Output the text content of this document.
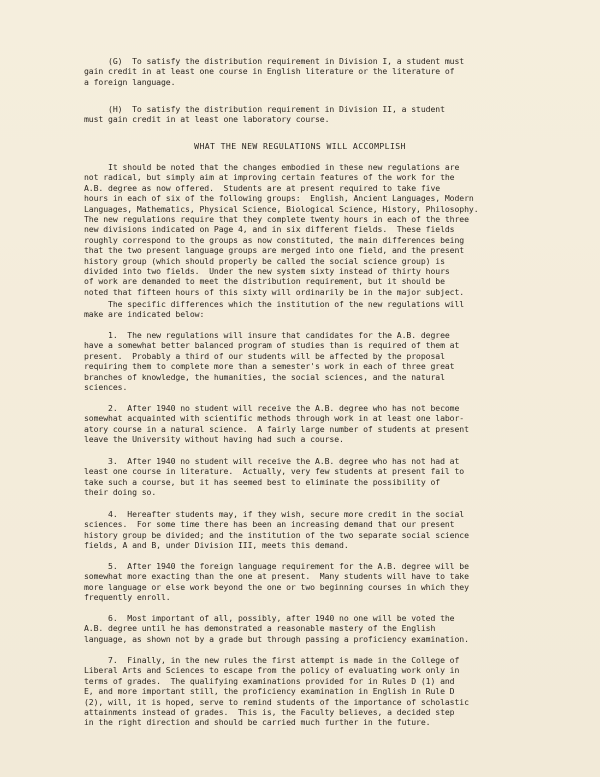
(G)  To satisfy the distribution requirement in Division I, a student must
gain credit in at least one course in English literature or the literature of
a foreign language.
(H)  To satisfy the distribution requirement in Division II, a student
must gain credit in at least one laboratory course.
WHAT THE NEW REGULATIONS WILL ACCOMPLISH
It should be noted that the changes embodied in these new regulations are
not radical, but simply aim at improving certain features of the work for the
A.B. degree as now offered.  Students are at present required to take five
hours in each of six of the following groups:  English, Ancient Languages, Modern
Languages, Mathematics, Physical Science, Biological Science, History, Philosophy.
The new regulations require that they complete twenty hours in each of the three
new divisions indicated on Page 4, and in six different fields.  These fields
roughly correspond to the groups as now constituted, the main differences being
that the two present language groups are merged into one field, and the present
history group (which should properly be called the social science group) is
divided into two fields.  Under the new system sixty instead of thirty hours
of work are demanded to meet the distribution requirement, but it should be
noted that fifteen hours of this sixty will ordinarily be in the major subject.
The specific differences which the institution of the new regulations will
make are indicated below:
1.  The new regulations will insure that candidates for the A.B. degree
have a somewhat better balanced program of studies than is required of them at
present.  Probably a third of our students will be affected by the proposal
requiring them to complete more than a semester's work in each of three great
branches of knowledge, the humanities, the social sciences, and the natural
sciences.
2.  After 1940 no student will receive the A.B. degree who has not become
somewhat acquainted with scientific methods through work in at least one labor-
atory course in a natural science.  A fairly large number of students at present
leave the University without having had such a course.
3.  After 1940 no student will receive the A.B. degree who has not had at
least one course in literature.  Actually, very few students at present fail to
take such a course, but it has seemed best to eliminate the possibility of
their doing so.
4.  Hereafter students may, if they wish, secure more credit in the social
sciences.  For some time there has been an increasing demand that our present
history group be divided; and the institution of the two separate social science
fields, A and B, under Division III, meets this demand.
5.  After 1940 the foreign language requirement for the A.B. degree will be
somewhat more exacting than the one at present.  Many students will have to take
more language or else work beyond the one or two beginning courses in which they
frequently enroll.
6.  Most important of all, possibly, after 1940 no one will be voted the
A.B. degree until he has demonstrated a reasonable mastery of the English
language, as shown not by a grade but through passing a proficiency examination.
7.  Finally, in the new rules the first attempt is made in the College of
Liberal Arts and Sciences to escape from the policy of evaluating work only in
terms of grades.  The qualifying examinations provided for in Rules D (1) and
E, and more important still, the proficiency examination in English in Rule D
(2), will, it is hoped, serve to remind students of the importance of scholastic
attainments instead of grades.  This is, the Faculty believes, a decided step
in the right direction and should be carried much further in the future.
